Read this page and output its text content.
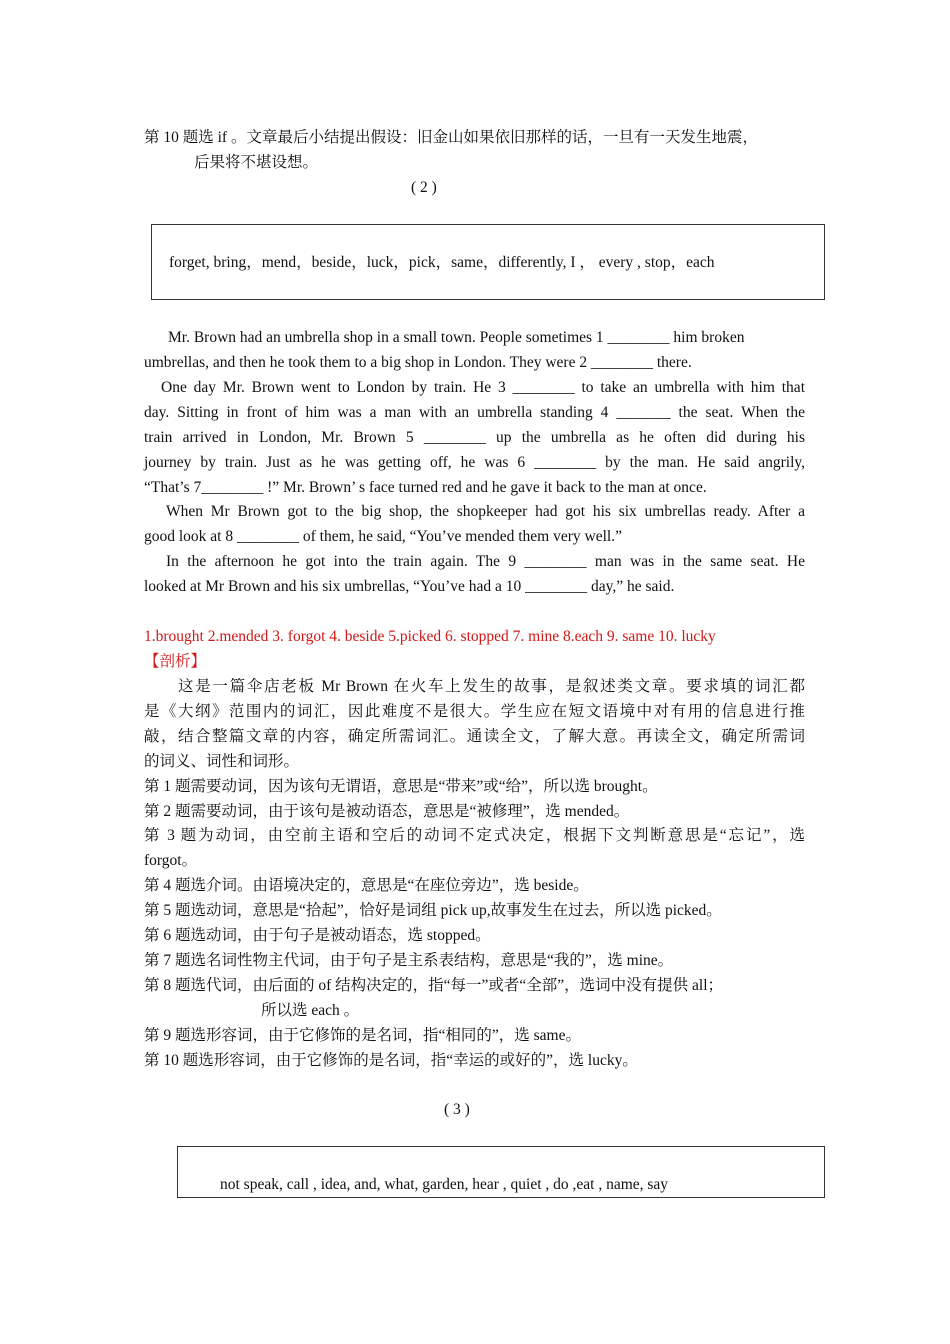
第 10 题选 if 。文章最后小结提出假设：旧金山如果依旧那样的话，一旦有一天发生地震，
后果将不堪设想。
( 2 )
forget, bring，mend，beside，luck，pick，same，differently, I ， every , stop，each
Mr. Brown had an umbrella shop in a small town. People sometimes 1 ________ him broken
umbrellas, and then he took them to a big shop in London. They were 2 ________ there.
One day Mr. Brown went to London by train. He 3 ________ to take an umbrella with him that
day. Sitting in front of him was a man with an umbrella standing 4 _______ the seat. When the
train arrived in London, Mr. Brown 5 ________ up the umbrella as he often did during his
journey by train. Just as he was getting off, he was 6 ________ by the man. He said angrily,
“That’s 7________ !” Mr. Brown’ s face turned red and he gave it back to the man at once.
When Mr Brown got to the big shop, the shopkeeper had got his six umbrellas ready. After a
good look at 8 ________ of them, he said, “You’ve mended them very well.”
In the afternoon he got into the train again. The 9 ________ man was in the same seat. He
looked at Mr Brown and his six umbrellas, “You’ve had a 10 ________ day,” he said.
1.brought 2.mended 3. forgot 4. beside 5.picked 6. stopped 7. mine 8.each 9. same 10. lucky
【剖析】
这是一篇伞店老板 Mr Brown 在火车上发生的故事，是叙述类文章。要求填的词汇都
是《大纲》范围内的词汇，因此难度不是很大。学生应在短文语境中对有用的信息进行推
敲，结合整篇文章的内容，确定所需词汇。通读全文，了解大意。再读全文，确定所需词
的词义、词性和词形。
第 1 题需要动词，因为该句无谓语，意思是“带来”或“给”，所以选 brought。
第 2 题需要动词，由于该句是被动语态，意思是“被修理”，选 mended。
第 3 题为动词，由空前主语和空后的动词不定式决定，根据下文判断意思是“忘记”，选
forgot。
第 4 题选介词。由语境决定的，意思是“在座位旁边”，选 beside。
第 5 题选动词，意思是“拾起”，恰好是词组 pick up,故事发生在过去，所以选 picked。
第 6 题选动词，由于句子是被动语态，选 stopped。
第 7 题选名词性物主代词，由于句子是主系表结构，意思是“我的”，选 mine。
第 8 题选代词，由后面的 of 结构决定的，指“每一”或者“全部”，选词中没有提供 all；
所以选 each 。
第 9 题选形容词，由于它修饰的是名词，指“相同的”，选 same。
第 10 题选形容词，由于它修饰的是名词，指“幸运的或好的”，选 lucky。
( 3 )
not speak, call , idea, and, what, garden, hear , quiet , do ,eat , name, say
